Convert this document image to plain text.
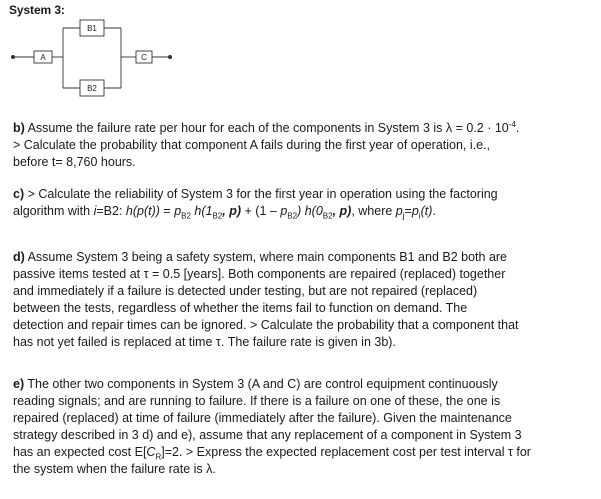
System 3:
A
B1
B2
C

b) Assume the failure rate per hour for each of the components in System 3 is $\lambda = 0.2 \cdot 10^{-4}$.

> Calculate the probability that component A fails during the first year of operation, i.e.,

before t= 8,760 hours.

c) > Calculate the reliability of System 3 for the first year in operation using the factoring

algorithm with i=B2: $h(p(t)) = p_{B2}$ $h(1_{B2}$, $p) + (1 - p_{B2})$ $h(0_{B2}$, p), where $p_j=p_i(t)$.

d) Assume System 3 being a safety system, where main components B1 and B2 both are

passive items tested at τ = 0.5 [years]. Both components are repaired (replaced) together

and immediately if a failure is detected under testing, but are not repaired (replaced)

between the tests, regardless of whether the items fail to function on demand. The

detection and repair times can be ignored. > Calculate the probability that a component that

has not yet failed is replaced at time τ. The failure rate is given in 3b).

e) The other two components in System 3 (A and C) are control equipment continuously

reading signals; and are running to failure. If there is a failure on one of these, the one is

repaired (replaced) at time of failure (immediately after the failure). Given the maintenance

strategy described in 3 d) and e), assume that any replacement of a component in System 3

has an expected cost $E[C_R]=2$. > Express the expected replacement cost per test interval τ for

the system when the failure rate is λ.
